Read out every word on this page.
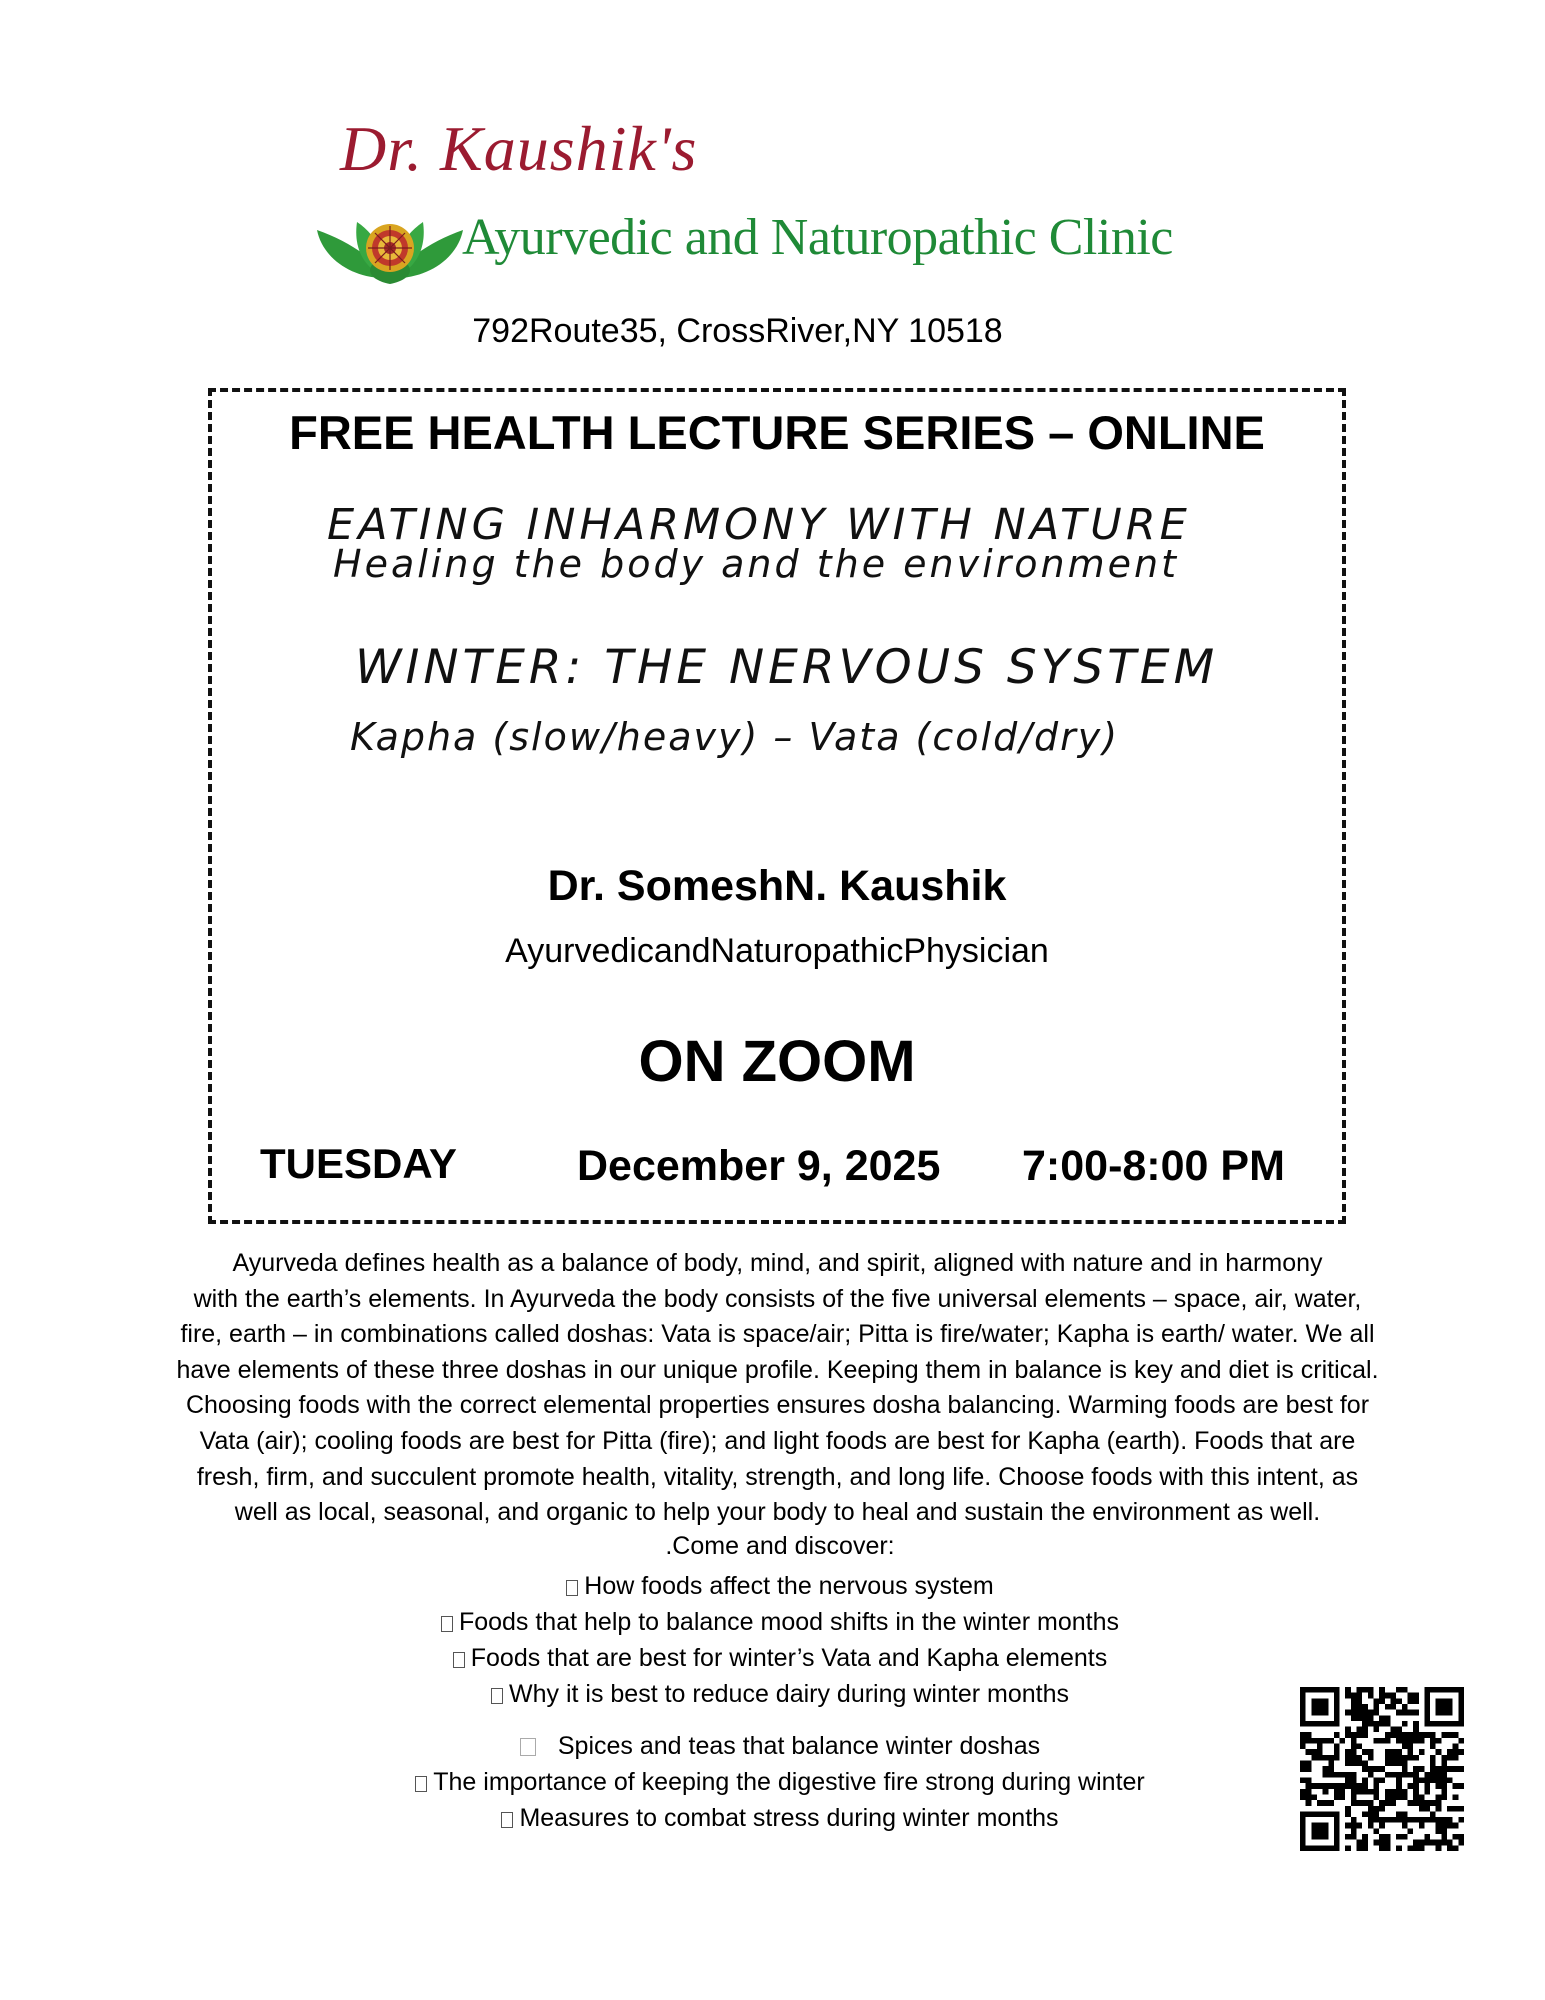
Dr. Kaushik's
Ayurvedic and Naturopathic Clinic
792Route35, CrossRiver,NY 10518
FREE HEALTH LECTURE SERIES – ONLINE
EATING INHARMONY WITH NATURE
Healing the body and the environment
WINTER: THE NERVOUS SYSTEM
Kapha (slow/heavy) – Vata (cold/dry)
Dr. SomeshN. Kaushik
AyurvedicandNaturopathicPhysician
ON ZOOM
TUESDAY	December 9, 2025 7:00-8:00 PM
Ayurveda defines health as a balance of body, mind, and spirit, aligned with nature and in harmony
with the earth’s elements. In Ayurveda the body consists of the five universal elements – space, air, water,
fire, earth – in combinations called doshas: Vata is space/air; Pitta is fire/water; Kapha is earth/ water. We all
have elements of these three doshas in our unique profile. Keeping them in balance is key and diet is critical.
Choosing foods with the correct elemental properties ensures dosha balancing. Warming foods are best for
Vata (air); cooling foods are best for Pitta (fire); and light foods are best for Kapha (earth). Foods that are
fresh, firm, and succulent promote health, vitality, strength, and long life. Choose foods with this intent, as
well as local, seasonal, and organic to help your body to heal and sustain the environment as well.
.Come and discover:
How foods affect the nervous system
Foods that help to balance mood shifts in the winter months
Foods that are best for winter’s Vata and Kapha elements
Why it is best to reduce dairy during winter months
Spices and teas that balance winter doshas
The importance of keeping the digestive fire strong during winter
Measures to combat stress during winter months
